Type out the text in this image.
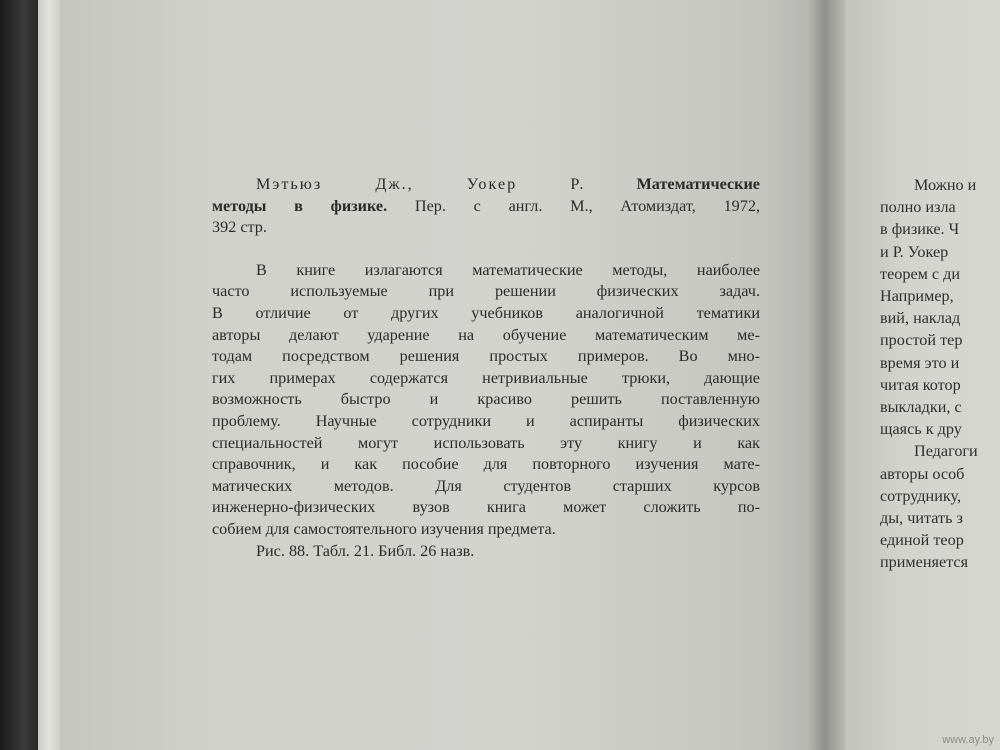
Мэтьюз Дж., Уокер Р.	Математические
методы в физике. Пер. с англ. М., Атомиздат, 1972,
392 стр.
В книге излагаются математические методы, наиболее
часто используемые при решении физических задач.
В отличие от других учебников аналогичной тематики
авторы делают ударение на обучение математическим ме-
тодам посредством решения простых примеров. Во мно-
гих примерах содержатся нетривиальные трюки, дающие
возможность быстро и красиво решить поставленную
проблему. Научные сотрудники и аспиранты физических
специальностей могут использовать эту книгу и как
справочник, и как пособие для повторного изучения мате-
матических методов. Для студентов старших курсов
инженерно-физических вузов книга может сложить по-
собием для самостоятельного изучения предмета.
Рис. 88. Табл. 21. Библ. 26 назв.
Можно и
полно изла
в физике. Ч
и Р. Уокер
теорем с ди
Например,
вий, наклад
простой тер
время это и
читая котор
выкладки, с
щаясь к дру
Педагоги
авторы особ
сотруднику,
ды, читать з
единой теор
применяется
www.ay.by
